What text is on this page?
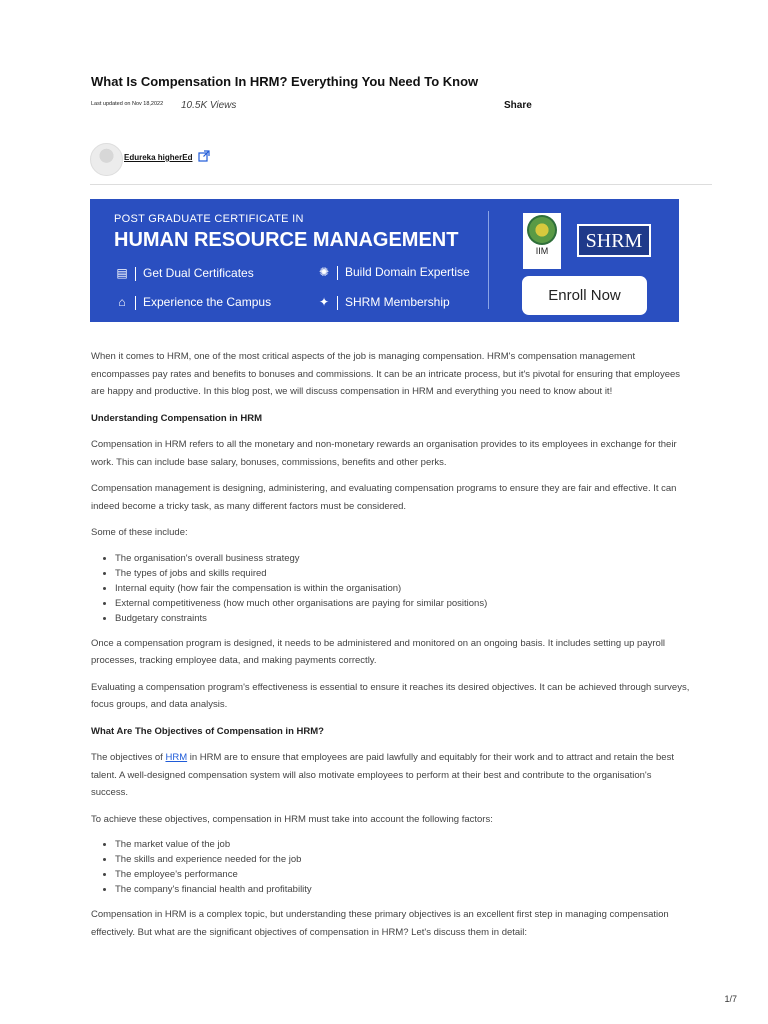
What Is Compensation In HRM? Everything You Need To Know
Last updated on Nov 18,2022 10.5K Views	Share
Edureka higherEd
POST GRADUATE CERTIFICATE IN
HUMAN RESOURCE MANAGEMENT
▤ Get Dual Certificates	✺ Build Domain Expertise
⌂ Experience the Campus	✦ SHRM Membership
IIM	SHRM
Enroll Now

When it comes to HRM, one of the most critical aspects of the job is managing compensation. HRM's compensation management encompasses pay rates and benefits to bonuses and commissions. It can be an intricate process, but it's pivotal for ensuring that employees are happy and productive. In this blog post, we will discuss compensation in HRM and everything you need to know about it!

Understanding Compensation in HRM

Compensation in HRM refers to all the monetary and non-monetary rewards an organisation provides to its employees in exchange for their work. This can include base salary, bonuses, commissions, benefits and other perks.

Compensation management is designing, administering, and evaluating compensation programs to ensure they are fair and effective. It can indeed become a tricky task, as many different factors must be considered.

Some of these include:

• The organisation's overall business strategy
• The types of jobs and skills required
• Internal equity (how fair the compensation is within the organisation)
• External competitiveness (how much other organisations are paying for similar positions)
• Budgetary constraints

Once a compensation program is designed, it needs to be administered and monitored on an ongoing basis. It includes setting up payroll processes, tracking employee data, and making payments correctly.

Evaluating a compensation program's effectiveness is essential to ensure it reaches its desired objectives. It can be achieved through surveys, focus groups, and data analysis.

What Are The Objectives of Compensation in HRM?

The objectives of HRM in HRM are to ensure that employees are paid lawfully and equitably for their work and to attract and retain the best talent. A well-designed compensation system will also motivate employees to perform at their best and contribute to the organisation's success.

To achieve these objectives, compensation in HRM must take into account the following factors:

• The market value of the job
• The skills and experience needed for the job
• The employee's performance
• The company's financial health and profitability

Compensation in HRM is a complex topic, but understanding these primary objectives is an excellent first step in managing compensation effectively. But what are the significant objectives of compensation in HRM? Let's discuss them in detail:

1/7
